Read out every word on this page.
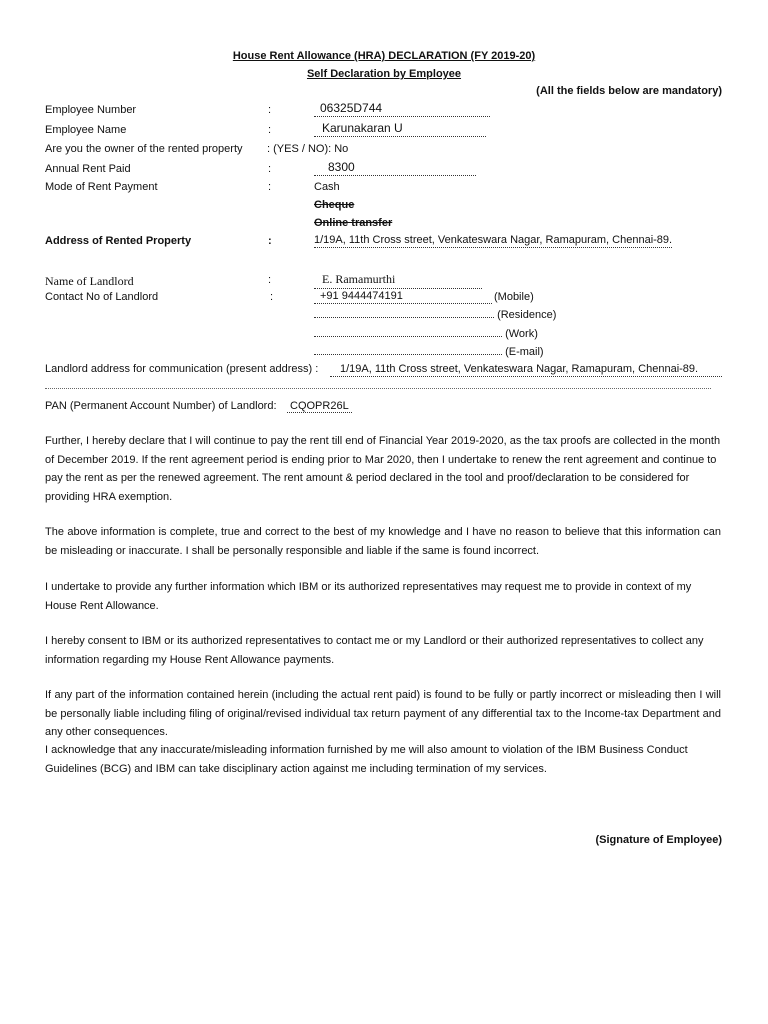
House Rent Allowance (HRA) DECLARATION (FY 2019-20)
Self Declaration by Employee
(All the fields below are mandatory)
Employee Number	:	06325D744
Employee Name	:	Karunakaran U
Are you the owner of the rented property : (YES / NO): No
Annual Rent Paid	:	8300
Mode of Rent Payment	:	Cash
Cheque
Online transfer
Address of Rented Property	:	1/19A, 11th Cross street, Venkateswara Nagar, Ramapuram, Chennai-89.
Name of Landlord	:	E. Ramamurthi
Contact No of Landlord	:	+91 9444474191	(Mobile)
(Residence)
(Work)
(E-mail)
Landlord address for communication (present address) :	1/19A, 11th Cross street, Venkateswara Nagar, Ramapuram, Chennai-89.
PAN (Permanent Account Number) of Landlord: CQOPR26L

Further, I hereby declare that I will continue to pay the rent till end of Financial Year 2019-2020, as the tax proofs are collected in the month of December 2019. If the rent agreement period is ending prior to Mar 2020, then I undertake to renew the rent agreement and continue to pay the rent as per the renewed agreement. The rent amount & period declared in the tool and proof/declaration to be considered for providing HRA exemption.

The above information is complete, true and correct to the best of my knowledge and I have no reason to believe that this information can be misleading or inaccurate. I shall be personally responsible and liable if the same is found incorrect.

I undertake to provide any further information which IBM or its authorized representatives may request me to provide in context of my House Rent Allowance.

I hereby consent to IBM or its authorized representatives to contact me or my Landlord or their authorized representatives to collect any information regarding my House Rent Allowance payments.

If any part of the information contained herein (including the actual rent paid) is found to be fully or partly incorrect or misleading then I will be personally liable including filing of original/revised individual tax return payment of any differential tax to the Income-tax Department and any other consequences.

I acknowledge that any inaccurate/misleading information furnished by me will also amount to violation of the IBM Business Conduct Guidelines (BCG) and IBM can take disciplinary action against me including termination of my services.

(Signature of Employee)
